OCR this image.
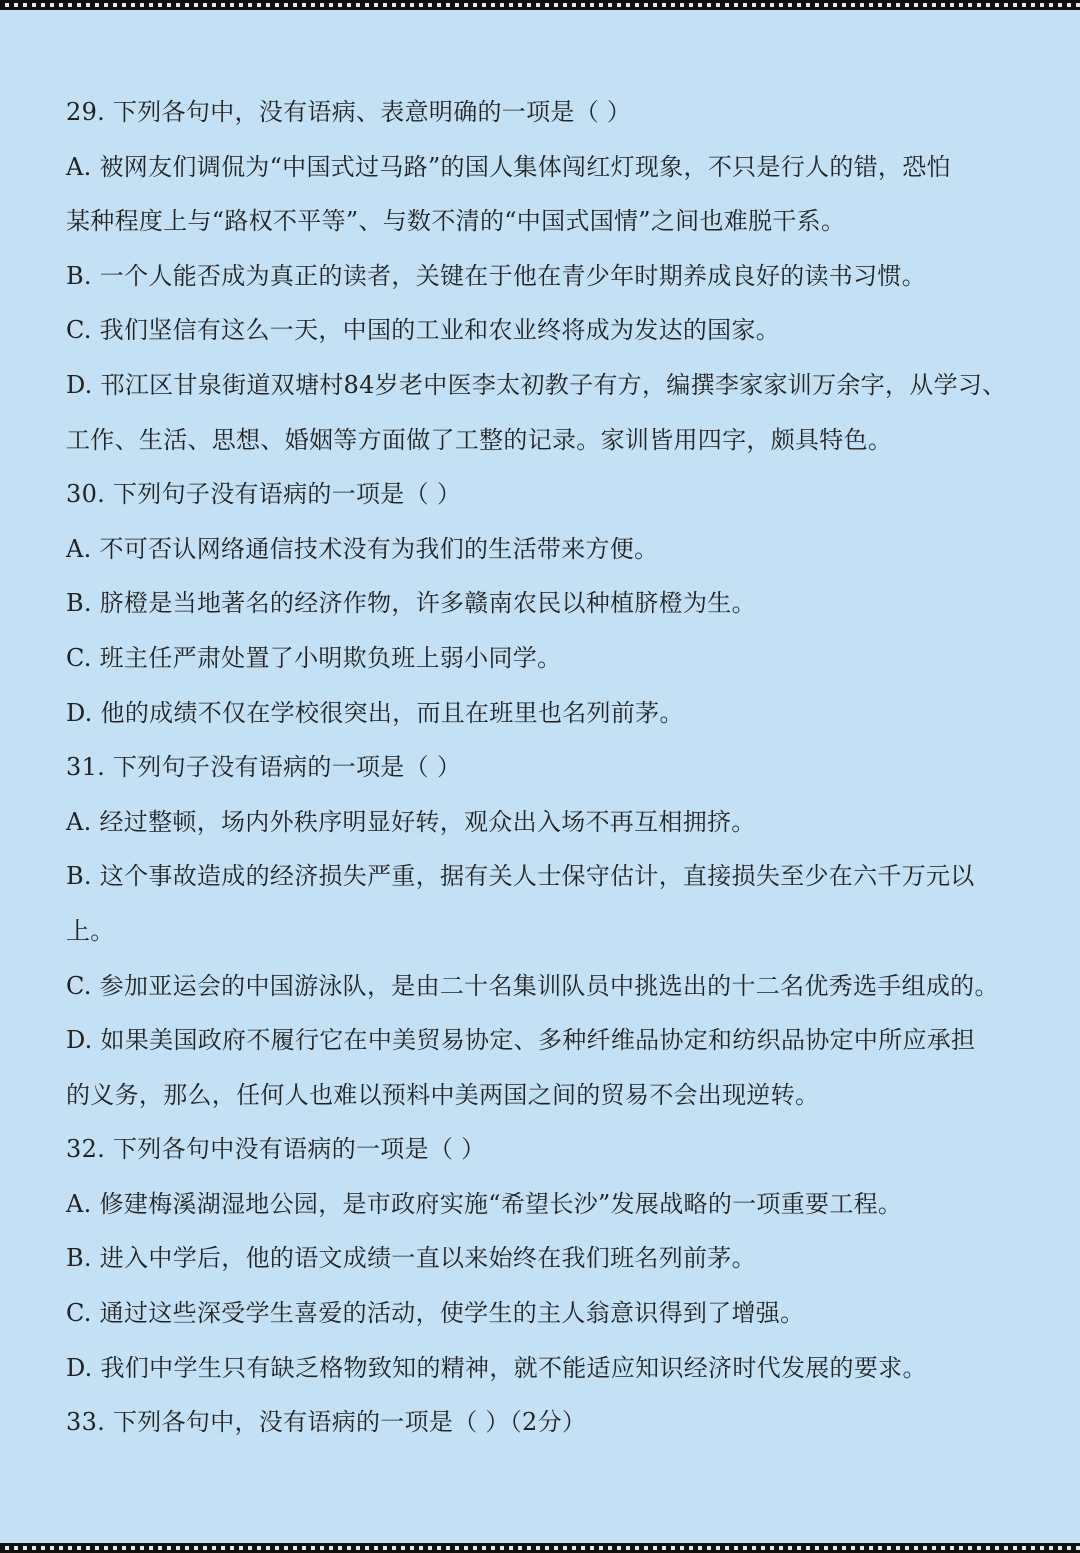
29. 下列各句中，没有语病、表意明确的一项是（ ）
A. 被网友们调侃为“中国式过马路”的国人集体闯红灯现象，不只是行人的错，恐怕
某种程度上与“路权不平等”、与数不清的“中国式国情”之间也难脱干系。
B. 一个人能否成为真正的读者，关键在于他在青少年时期养成良好的读书习惯。
C. 我们坚信有这么一天，中国的工业和农业终将成为发达的国家。
D. 邗江区甘泉街道双塘村84岁老中医李太初教子有方，编撰李家家训万余字，从学习、
工作、生活、思想、婚姻等方面做了工整的记录。家训皆用四字，颇具特色。
30. 下列句子没有语病的一项是（ ）
A. 不可否认网络通信技术没有为我们的生活带来方便。
B. 脐橙是当地著名的经济作物，许多赣南农民以种植脐橙为生。
C. 班主任严肃处置了小明欺负班上弱小同学。
D. 他的成绩不仅在学校很突出，而且在班里也名列前茅。
31. 下列句子没有语病的一项是（ ）
A. 经过整顿，场内外秩序明显好转，观众出入场不再互相拥挤。
B. 这个事故造成的经济损失严重，据有关人士保守估计，直接损失至少在六千万元以
上。
C. 参加亚运会的中国游泳队，是由二十名集训队员中挑选出的十二名优秀选手组成的。
D. 如果美国政府不履行它在中美贸易协定、多种纤维品协定和纺织品协定中所应承担
的义务，那么，任何人也难以预料中美两国之间的贸易不会出现逆转。
32. 下列各句中没有语病的一项是（ ）
A. 修建梅溪湖湿地公园，是市政府实施“希望长沙”发展战略的一项重要工程。
B. 进入中学后，他的语文成绩一直以来始终在我们班名列前茅。
C. 通过这些深受学生喜爱的活动，使学生的主人翁意识得到了增强。
D. 我们中学生只有缺乏格物致知的精神，就不能适应知识经济时代发展的要求。
33. 下列各句中，没有语病的一项是（ ）（2分）
